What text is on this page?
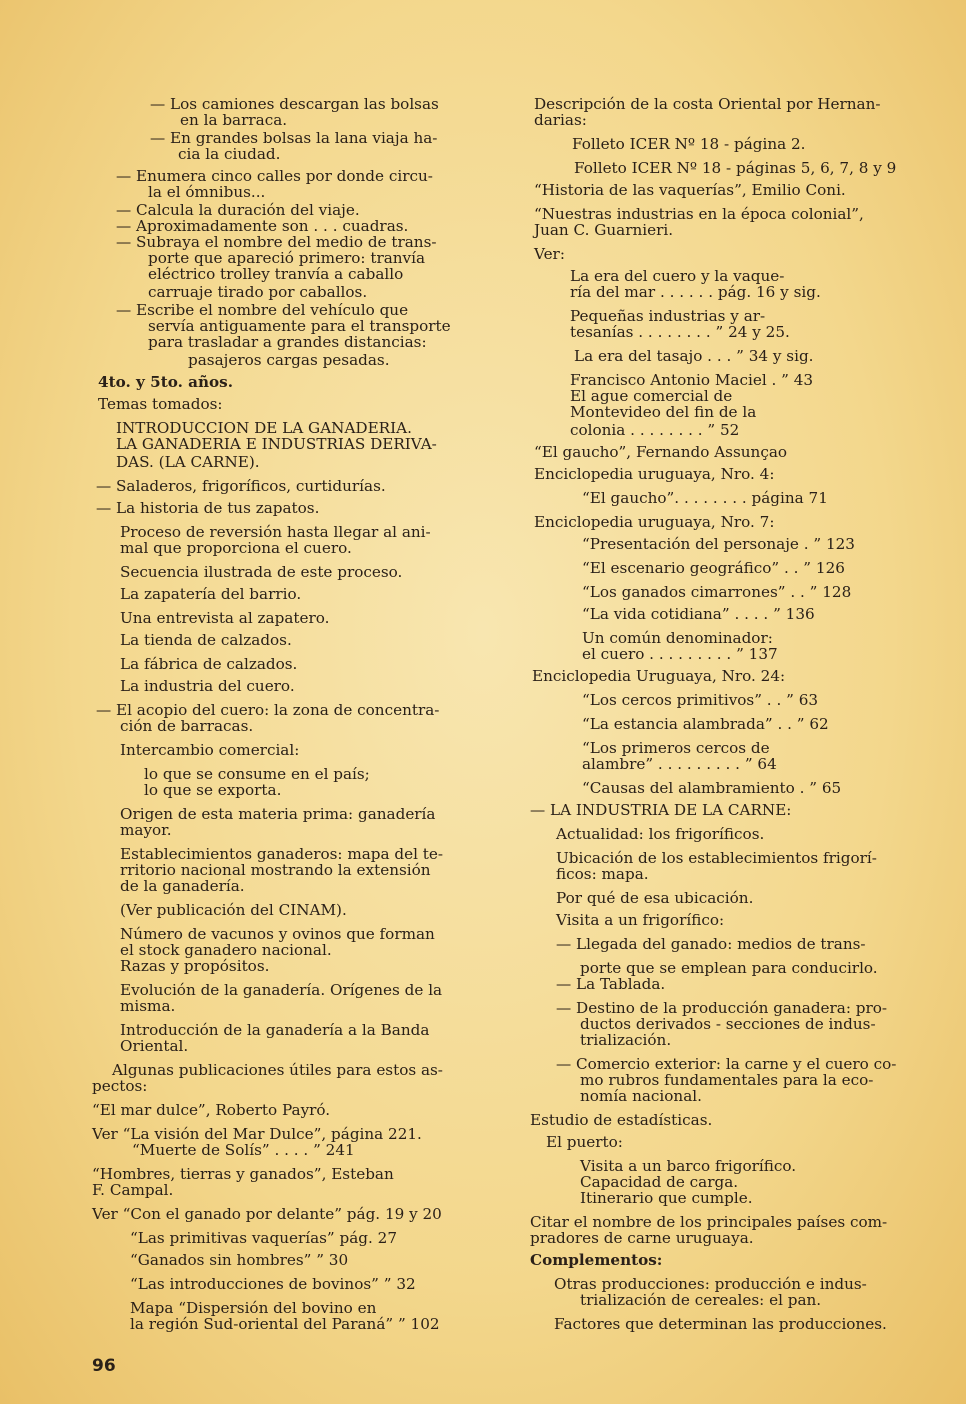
— Los camiones descargan las bolsas
en la barraca.
— En grandes bolsas la lana viaja ha-
cia la ciudad.
— Enumera cinco calles por donde circu-
la el ómnibus...
— Calcula la duración del viaje.
— Aproximadamente son . . . cuadras.
— Subraya el nombre del medio de trans-
porte que apareció primero: tranvía
eléctrico trolley tranvía a caballo
carruaje tirado por caballos.
— Escribe el nombre del vehículo que
servía antiguamente para el transporte
para trasladar a grandes distancias:
pasajeros cargas pesadas.
4to. y 5to. años.
Temas tomados:
INTRODUCCION DE LA GANADERIA.
LA GANADERIA E INDUSTRIAS DERIVA-
DAS. (LA CARNE).
— Saladeros, frigoríficos, curtidurías.
— La historia de tus zapatos.
Proceso de reversión hasta llegar al ani-
mal que proporciona el cuero.
Secuencia ilustrada de este proceso.
La zapatería del barrio.
Una entrevista al zapatero.
La tienda de calzados.
La fábrica de calzados.
La industria del cuero.
— El acopio del cuero: la zona de concentra-
ción de barracas.
Intercambio comercial:
lo que se consume en el país;
lo que se exporta.
Origen de esta materia prima: ganadería
mayor.
Establecimientos ganaderos: mapa del te-
rritorio nacional mostrando la extensión
de la ganadería.
(Ver publicación del CINAM).
Número de vacunos y ovinos que forman
el stock ganadero nacional.
Razas y propósitos.
Evolución de la ganadería. Orígenes de la
misma.
Introducción de la ganadería a la Banda
Oriental.
Algunas publicaciones útiles para estos as-
pectos:
“El mar dulce”, Roberto Payró.
Ver “La visión del Mar Dulce”, página 221.
“Muerte de Solís” . . . . ” 241
“Hombres, tierras y ganados”, Esteban
F. Campal.
Ver “Con el ganado por delante” pág. 19 y 20
“Las primitivas vaquerías” pág. 27
“Ganados sin hombres” ” 30
“Las introducciones de bovinos” ” 32
Mapa “Dispersión del bovino en
la región Sud-oriental del Paraná” ” 102
Descripción de la costa Oriental por Hernan-
darias:
Folleto ICER Nº 18 - página 2.
Folleto ICER Nº 18 - páginas 5, 6, 7, 8 y 9
“Historia de las vaquerías”, Emilio Coni.
“Nuestras industrias en la época colonial”,
Juan C. Guarnieri.
Ver:
La era del cuero y la vaque-
ría del mar . . . . . . pág. 16 y sig.
Pequeñas industrias y ar-
tesanías . . . . . . . . ” 24 y 25.
La era del tasajo . . . ” 34 y sig.
Francisco Antonio Maciel . ” 43
El ague comercial de
Montevideo del fin de la
colonia . . . . . . . . ” 52
“El gaucho”, Fernando Assunçao
Enciclopedia uruguaya, Nro. 4:
“El gaucho”. . . . . . . . página 71
Enciclopedia uruguaya, Nro. 7:
“Presentación del personaje . ” 123
“El escenario geográfico” . . ” 126
“Los ganados cimarrones” . . ” 128
“La vida cotidiana” . . . . ” 136
Un común denominador:
el cuero . . . . . . . . . ” 137
Enciclopedia Uruguaya, Nro. 24:
“Los cercos primitivos” . . ” 63
“La estancia alambrada” . . ” 62
“Los primeros cercos de
alambre” . . . . . . . . . ” 64
“Causas del alambramiento . ” 65
— LA INDUSTRIA DE LA CARNE:
Actualidad: los frigoríficos.
Ubicación de los establecimientos frigorí-
ficos: mapa.
Por qué de esa ubicación.
Visita a un frigorífico:
— Llegada del ganado: medios de trans-
porte que se emplean para conducirlo.
— La Tablada.
— Destino de la producción ganadera: pro-
ductos derivados - secciones de indus-
trialización.
— Comercio exterior: la carne y el cuero co-
mo rubros fundamentales para la eco-
nomía nacional.
Estudio de estadísticas.
El puerto:
Visita a un barco frigorífico.
Capacidad de carga.
Itinerario que cumple.
Citar el nombre de los principales países com-
pradores de carne uruguaya.
Complementos:
Otras producciones: producción e indus-
trialización de cereales: el pan.
Factores que determinan las producciones.
96
